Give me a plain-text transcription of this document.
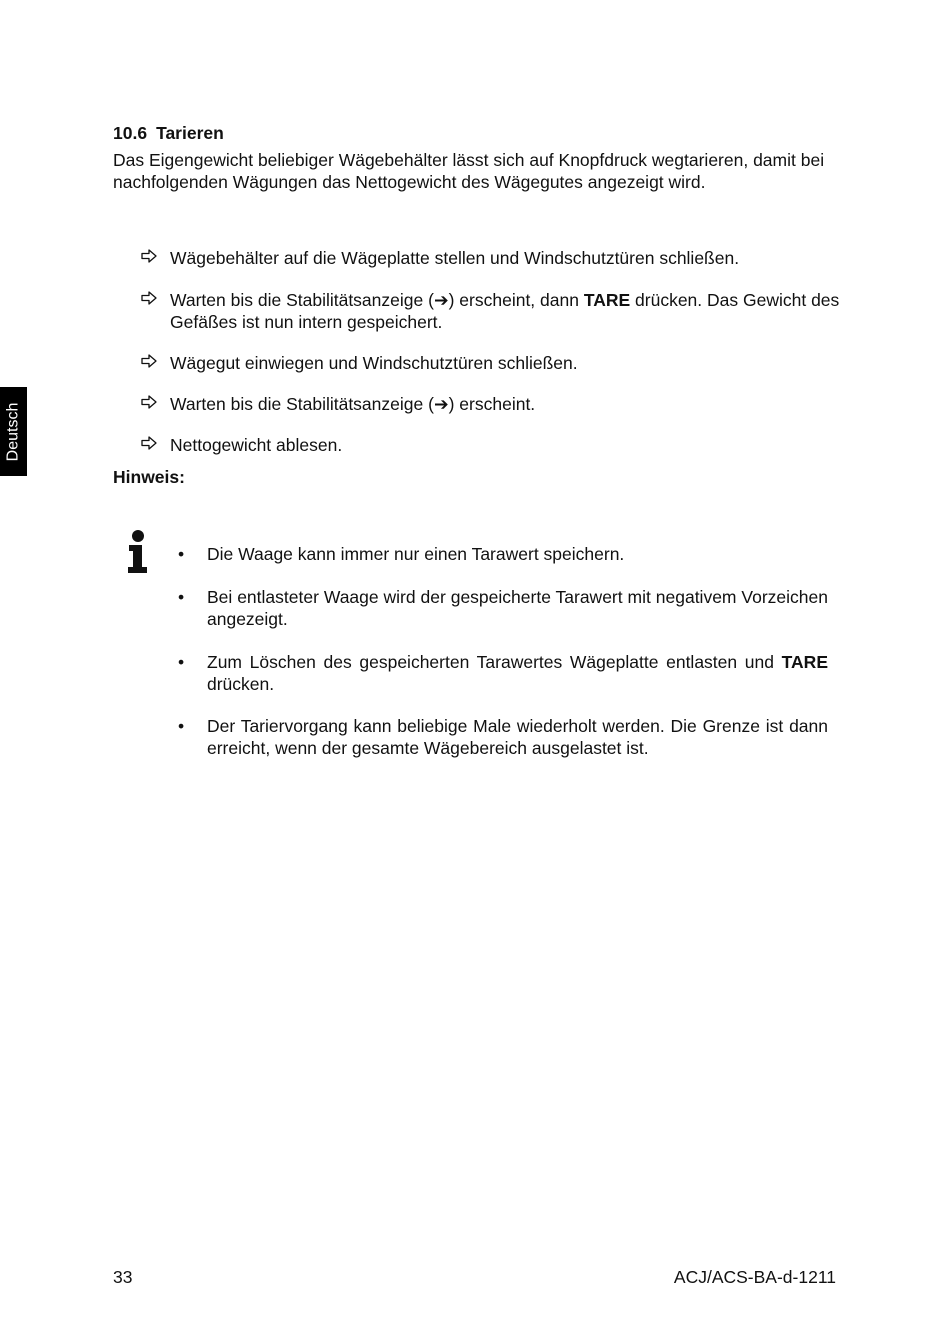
Deutsch
10.6 Tarieren
Das Eigengewicht beliebiger Wägebehälter lässt sich auf Knopfdruck wegtarieren, damit bei nachfolgenden Wägungen das Nettogewicht des Wägegutes angezeigt wird.
Wägebehälter auf die Wägeplatte stellen und Windschutztüren schließen.
Warten bis die Stabilitätsanzeige (➔) erscheint, dann TARE drücken. Das Gewicht des Gefäßes ist nun intern gespeichert.
Wägegut einwiegen und Windschutztüren schließen.
Warten bis die Stabilitätsanzeige (➔) erscheint.
Nettogewicht ablesen.
Hinweis:
•	Die Waage kann immer nur einen Tarawert speichern.
•	Bei entlasteter Waage wird der gespeicherte Tarawert mit negativem Vorzeichen angezeigt.
•	Zum Löschen des gespeicherten Tarawertes Wägeplatte entlasten und TARE drücken.
•	Der Tariervorgang kann beliebige Male wiederholt werden. Die Grenze ist dann erreicht, wenn der gesamte Wägebereich ausgelastet ist.
33	ACJ/ACS-BA-d-1211
